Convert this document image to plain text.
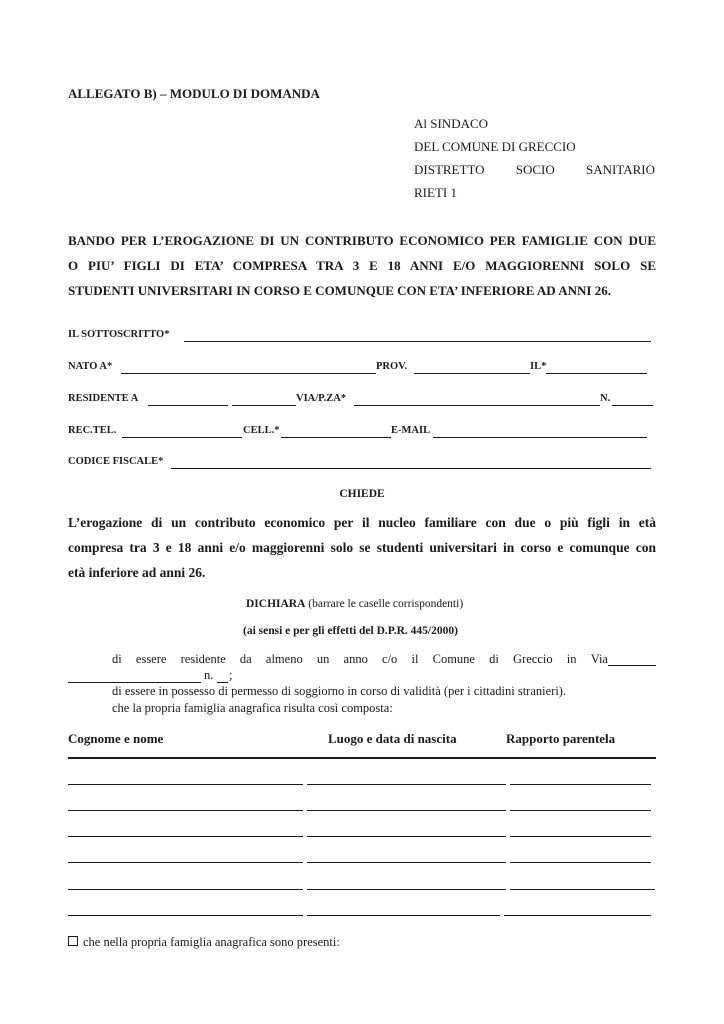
ALLEGATO B) – MODULO DI DOMANDA
Al SINDACO
DEL COMUNE DI GRECCIO
DISTRETTO SOCIO SANITARIO
RIETI 1
BANDO PER L’EROGAZIONE DI UN CONTRIBUTO ECONOMICO PER FAMIGLIE CON DUE
O PIU’ FIGLI DI ETA’ COMPRESA TRA 3 E 18 ANNI E/O MAGGIORENNI SOLO SE
STUDENTI UNIVERSITARI IN CORSO E COMUNQUE CON ETA’ INFERIORE AD ANNI 26.
IL SOTTOSCRITTO*
NATO A*	PROV.	IL*
RESIDENTE A	VIA/P.ZA*	N.
REC.TEL.	CELL.*	E-MAIL
CODICE FISCALE*
CHIEDE
L’erogazione di un contributo economico per il nucleo familiare con due o più figli in età
compresa tra 3 e 18 anni e/o maggiorenni solo se studenti universitari in corso e comunque con
età inferiore ad anni 26.
DICHIARA (barrare le caselle corrispondenti)
(ai sensi e per gli effetti del D.P.R. 445/2000)
di essere residente da almeno un anno c/o il Comune di Greccio in Via
n. ;
di essere in possesso di permesso di soggiorno in corso di validità (per i cittadini stranieri).
che la propria famiglia anagrafica risulta così composta:
Cognome e nome	Luogo e data di nascita	Rapporto parentela
che nella propria famiglia anagrafica sono presenti:
